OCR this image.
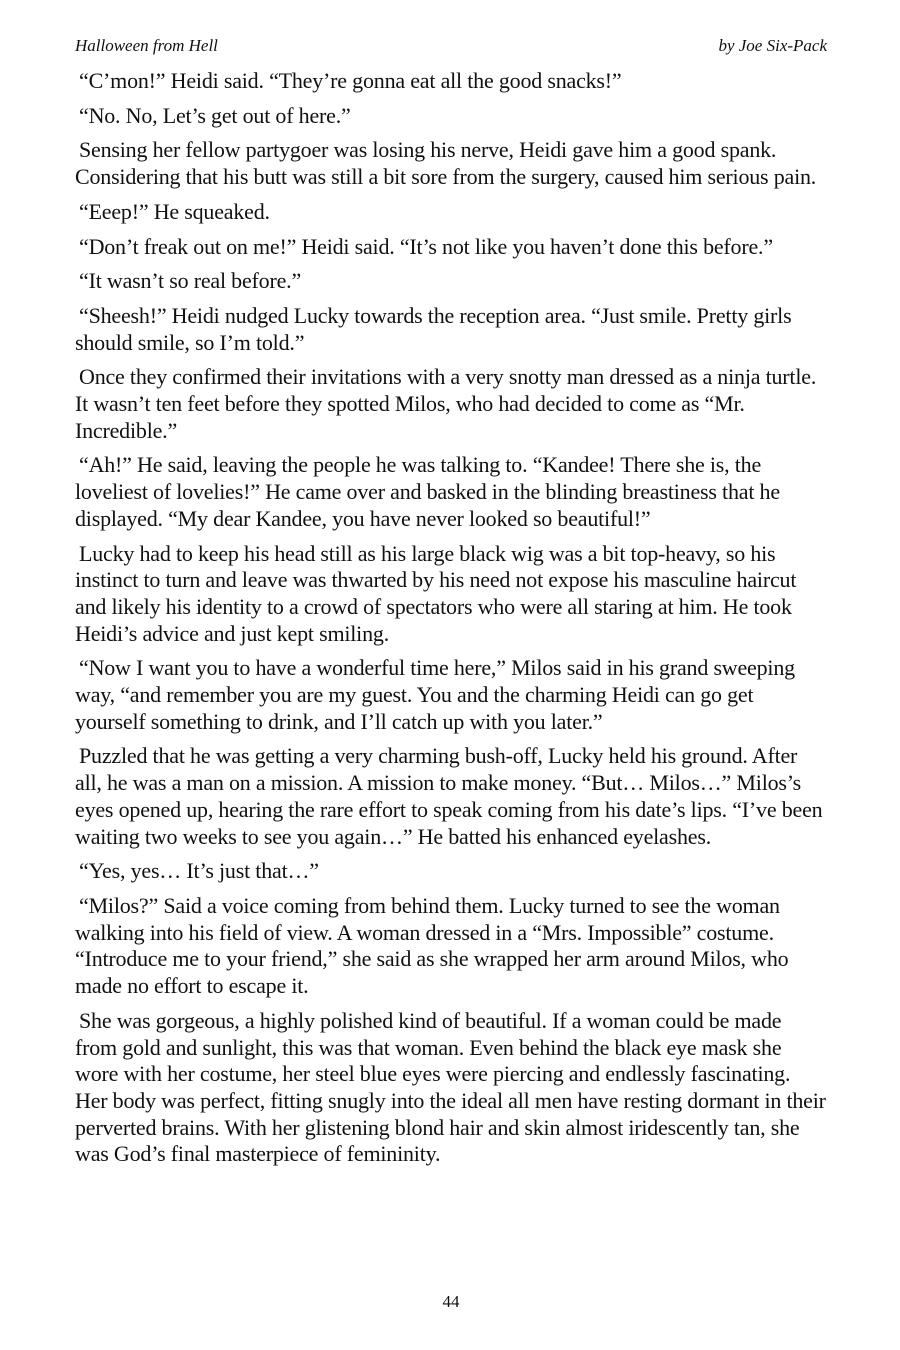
Halloween from Hell	by Joe Six-Pack

“C’mon!” Heidi said. “They’re gonna eat all the good snacks!”

“No. No, Let’s get out of here.”

Sensing her fellow partygoer was losing his nerve, Heidi gave him a good spank. Considering that his butt was still a bit sore from the surgery, caused him serious pain.

“Eeep!” He squeaked.

“Don’t freak out on me!” Heidi said. “It’s not like you haven’t done this before.”

“It wasn’t so real before.”

“Sheesh!” Heidi nudged Lucky towards the reception area. “Just smile. Pretty girls should smile, so I’m told.”

Once they confirmed their invitations with a very snotty man dressed as a ninja turtle. It wasn’t ten feet before they spotted Milos, who had decided to come as “Mr. Incredible.”

“Ah!” He said, leaving the people he was talking to. “Kandee! There she is, the loveliest of lovelies!” He came over and basked in the blinding breastiness that he displayed. “My dear Kandee, you have never looked so beautiful!”

Lucky had to keep his head still as his large black wig was a bit top-heavy, so his instinct to turn and leave was thwarted by his need not expose his masculine haircut and likely his identity to a crowd of spectators who were all staring at him. He took Heidi’s advice and just kept smiling.

“Now I want you to have a wonderful time here,” Milos said in his grand sweeping way, “and remember you are my guest. You and the charming Heidi can go get yourself something to drink, and I’ll catch up with you later.”

Puzzled that he was getting a very charming bush-off, Lucky held his ground. After all, he was a man on a mission. A mission to make money. “But… Milos…” Milos’s eyes opened up, hearing the rare effort to speak coming from his date’s lips. “I’ve been waiting two weeks to see you again…” He batted his enhanced eyelashes.

“Yes, yes… It’s just that…”

“Milos?” Said a voice coming from behind them. Lucky turned to see the woman walking into his field of view. A woman dressed in a “Mrs. Impossible” costume. “Introduce me to your friend,” she said as she wrapped her arm around Milos, who made no effort to escape it.

She was gorgeous, a highly polished kind of beautiful. If a woman could be made from gold and sunlight, this was that woman. Even behind the black eye mask she wore with her costume, her steel blue eyes were piercing and endlessly fascinating. Her body was perfect, fitting snugly into the ideal all men have resting dormant in their perverted brains. With her glistening blond hair and skin almost iridescently tan, she was God’s final masterpiece of femininity.

44
